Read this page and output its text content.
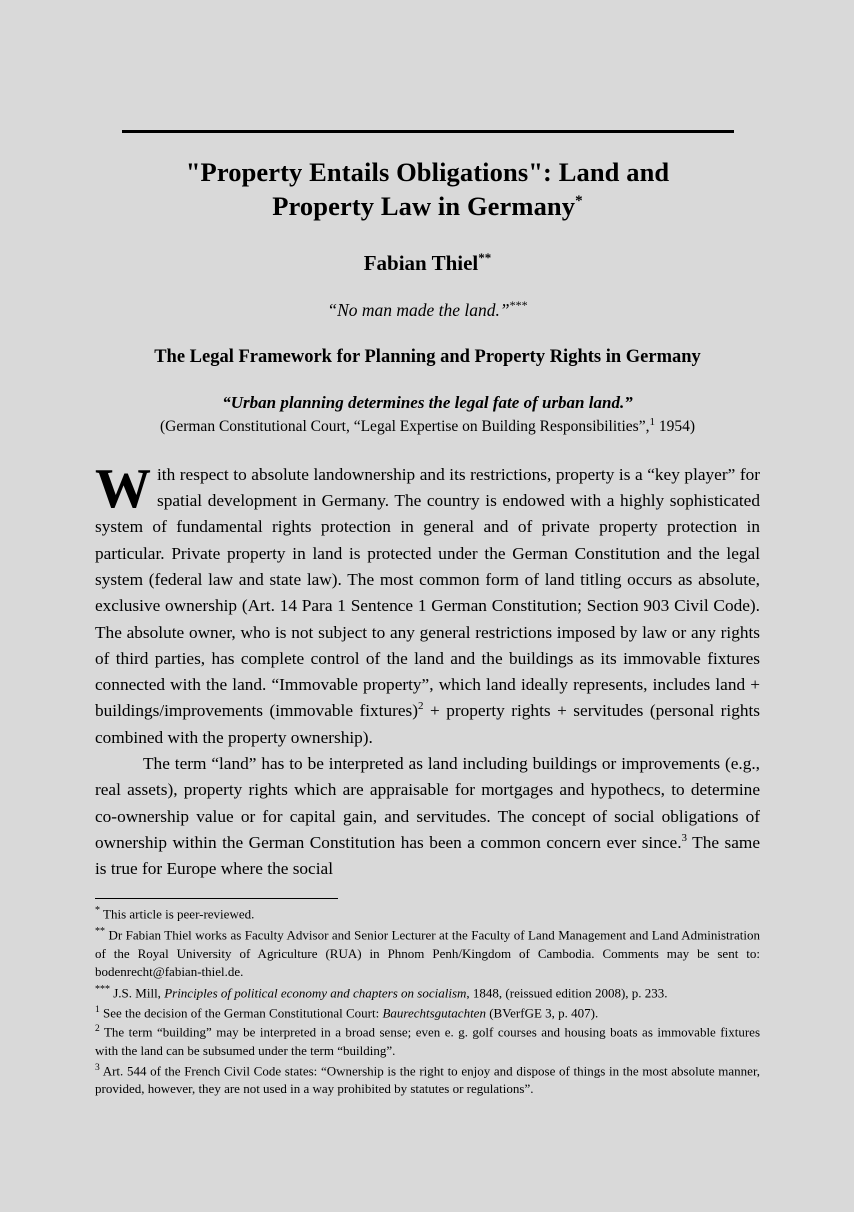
"Property Entails Obligations": Land and
Property Law in Germany*
Fabian Thiel**
“No man made the land.”***
The Legal Framework for Planning and Property Rights in Germany
“Urban planning determines the legal fate of urban land.”
(German Constitutional Court, “Legal Expertise on Building Responsibilities”,$^1$ 1954)

With respect to absolute landownership and its restrictions, property is a “key player” for spatial development in Germany. The country is endowed with a highly sophisticated system of fundamental rights protection in general and of private property protection in particular. Private property in land is protected under the German Constitution and the legal system (federal law and state law). The most common form of land titling occurs as absolute, exclusive ownership (Art. 14 Para 1 Sentence 1 German Constitution; Section 903 Civil Code). The absolute owner, who is not subject to any general restrictions imposed by law or any rights of third parties, has complete control of the land and the buildings as its immovable fixtures connected with the land. “Immovable property”, which land ideally represents, includes land + buildings/improvements (immovable fixtures)$^2$ + property rights + servitudes (personal rights combined with the property ownership).

The term “land” has to be interpreted as land including buildings or improvements (e.g., real assets), property rights which are appraisable for mortgages and hypothecs, to determine co-ownership value or for capital gain, and servitudes. The concept of social obligations of ownership within the German Constitution has been a common concern ever since.$^3$ The same is true for Europe where the social

* This article is peer-reviewed.
** Dr Fabian Thiel works as Faculty Advisor and Senior Lecturer at the Faculty of Land Management and Land Administration of the Royal University of Agriculture (RUA) in Phnom Penh/Kingdom of Cambodia. Comments may be sent to: bodenrecht@fabian-thiel.de.
*** J.S. Mill, Principles of political economy and chapters on socialism, 1848, (reissued edition 2008), p. 233.
$^1$ See the decision of the German Constitutional Court: Baurechtsgutachten (BVerfGE 3, p. 407).
$^2$ The term “building” may be interpreted in a broad sense; even e. g. golf courses and housing boats as immovable fixtures with the land can be subsumed under the term “building”.
$^3$ Art. 544 of the French Civil Code states: “Ownership is the right to enjoy and dispose of things in the most absolute manner, provided, however, they are not used in a way prohibited by statutes or regulations”.
